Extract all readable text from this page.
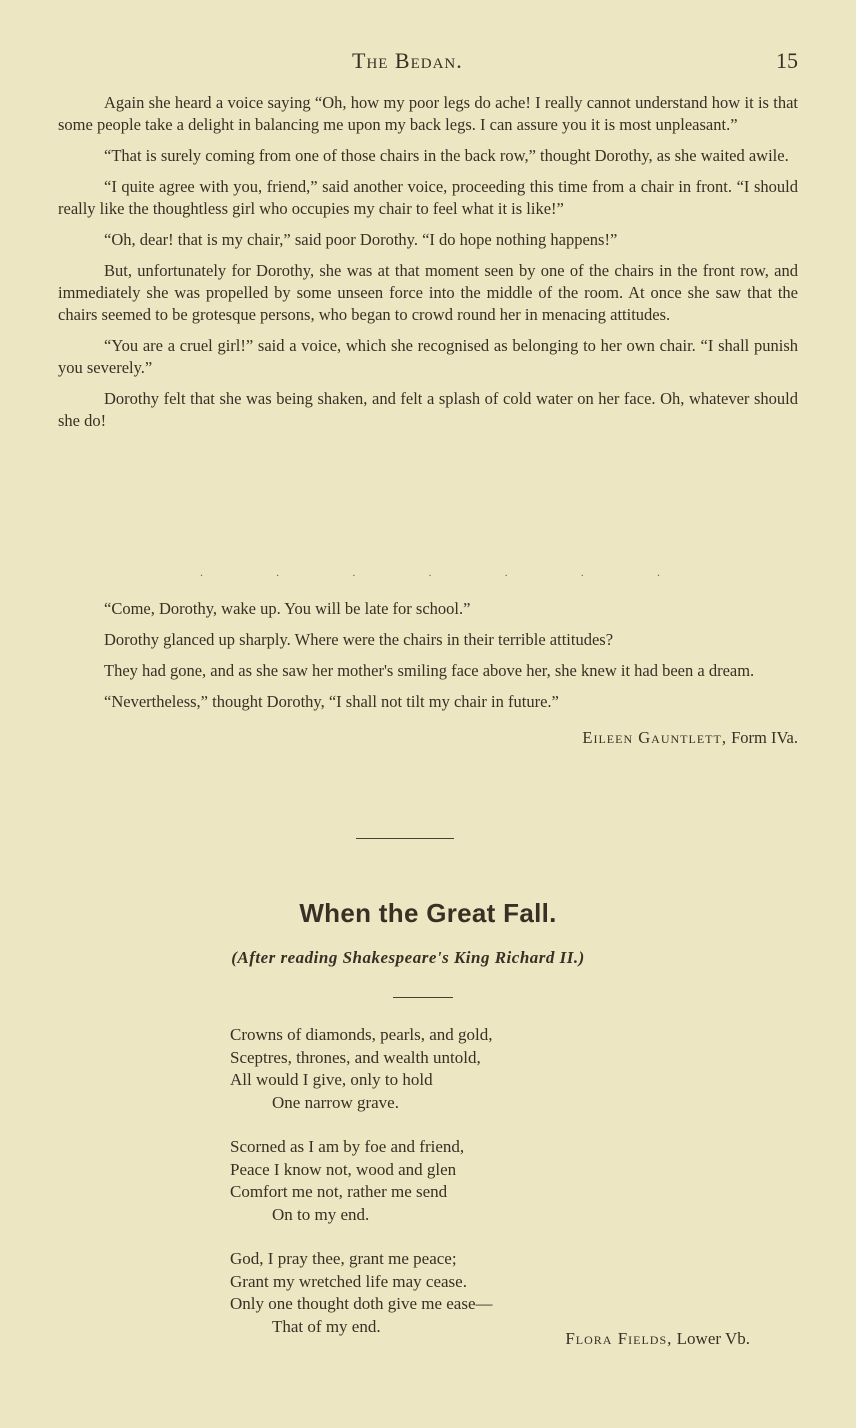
The Bedan.	15

Again she heard a voice saying “Oh, how my poor legs do ache! I really cannot understand how it is that some people take a delight in balancing me upon my back legs. I can assure you it is most unpleasant.”

“That is surely coming from one of those chairs in the back row,” thought Dorothy, as she waited awile.

“I quite agree with you, friend,” said another voice, proceeding this time from a chair in front. “I should really like the thoughtless girl who occupies my chair to feel what it is like!”

“Oh, dear! that is my chair,” said poor Dorothy. “I do hope nothing happens!”

But, unfortunately for Dorothy, she was at that moment seen by one of the chairs in the front row, and immediately she was propelled by some unseen force into the middle of the room. At once she saw that the chairs seemed to be grotesque persons, who began to crowd round her in menacing attitudes.

“You are a cruel girl!” said a voice, which she recognised as belonging to her own chair. “I shall punish you severely.”

Dorothy felt that she was being shaken, and felt a splash of cold water on her face. Oh, whatever should she do!

.	.	.	.	.	.	.

“Come, Dorothy, wake up. You will be late for school.”

Dorothy glanced up sharply. Where were the chairs in their terrible attitudes?

They had gone, and as she saw her mother's smiling face above her, she knew it had been a dream.

“Nevertheless,” thought Dorothy, “I shall not tilt my chair in future.”

Eileen Gauntlett, Form IVa.
When the Great Fall.
(After reading Shakespeare's King Richard II.)
Crowns of diamonds, pearls, and gold,
Sceptres, thrones, and wealth untold,
All would I give, only to hold
One narrow grave.
Scorned as I am by foe and friend,
Peace I know not, wood and glen
Comfort me not, rather me send
On to my end.
God, I pray thee, grant me peace;
Grant my wretched life may cease.
Only one thought doth give me ease—
That of my end.
Flora Fields, Lower Vb.
